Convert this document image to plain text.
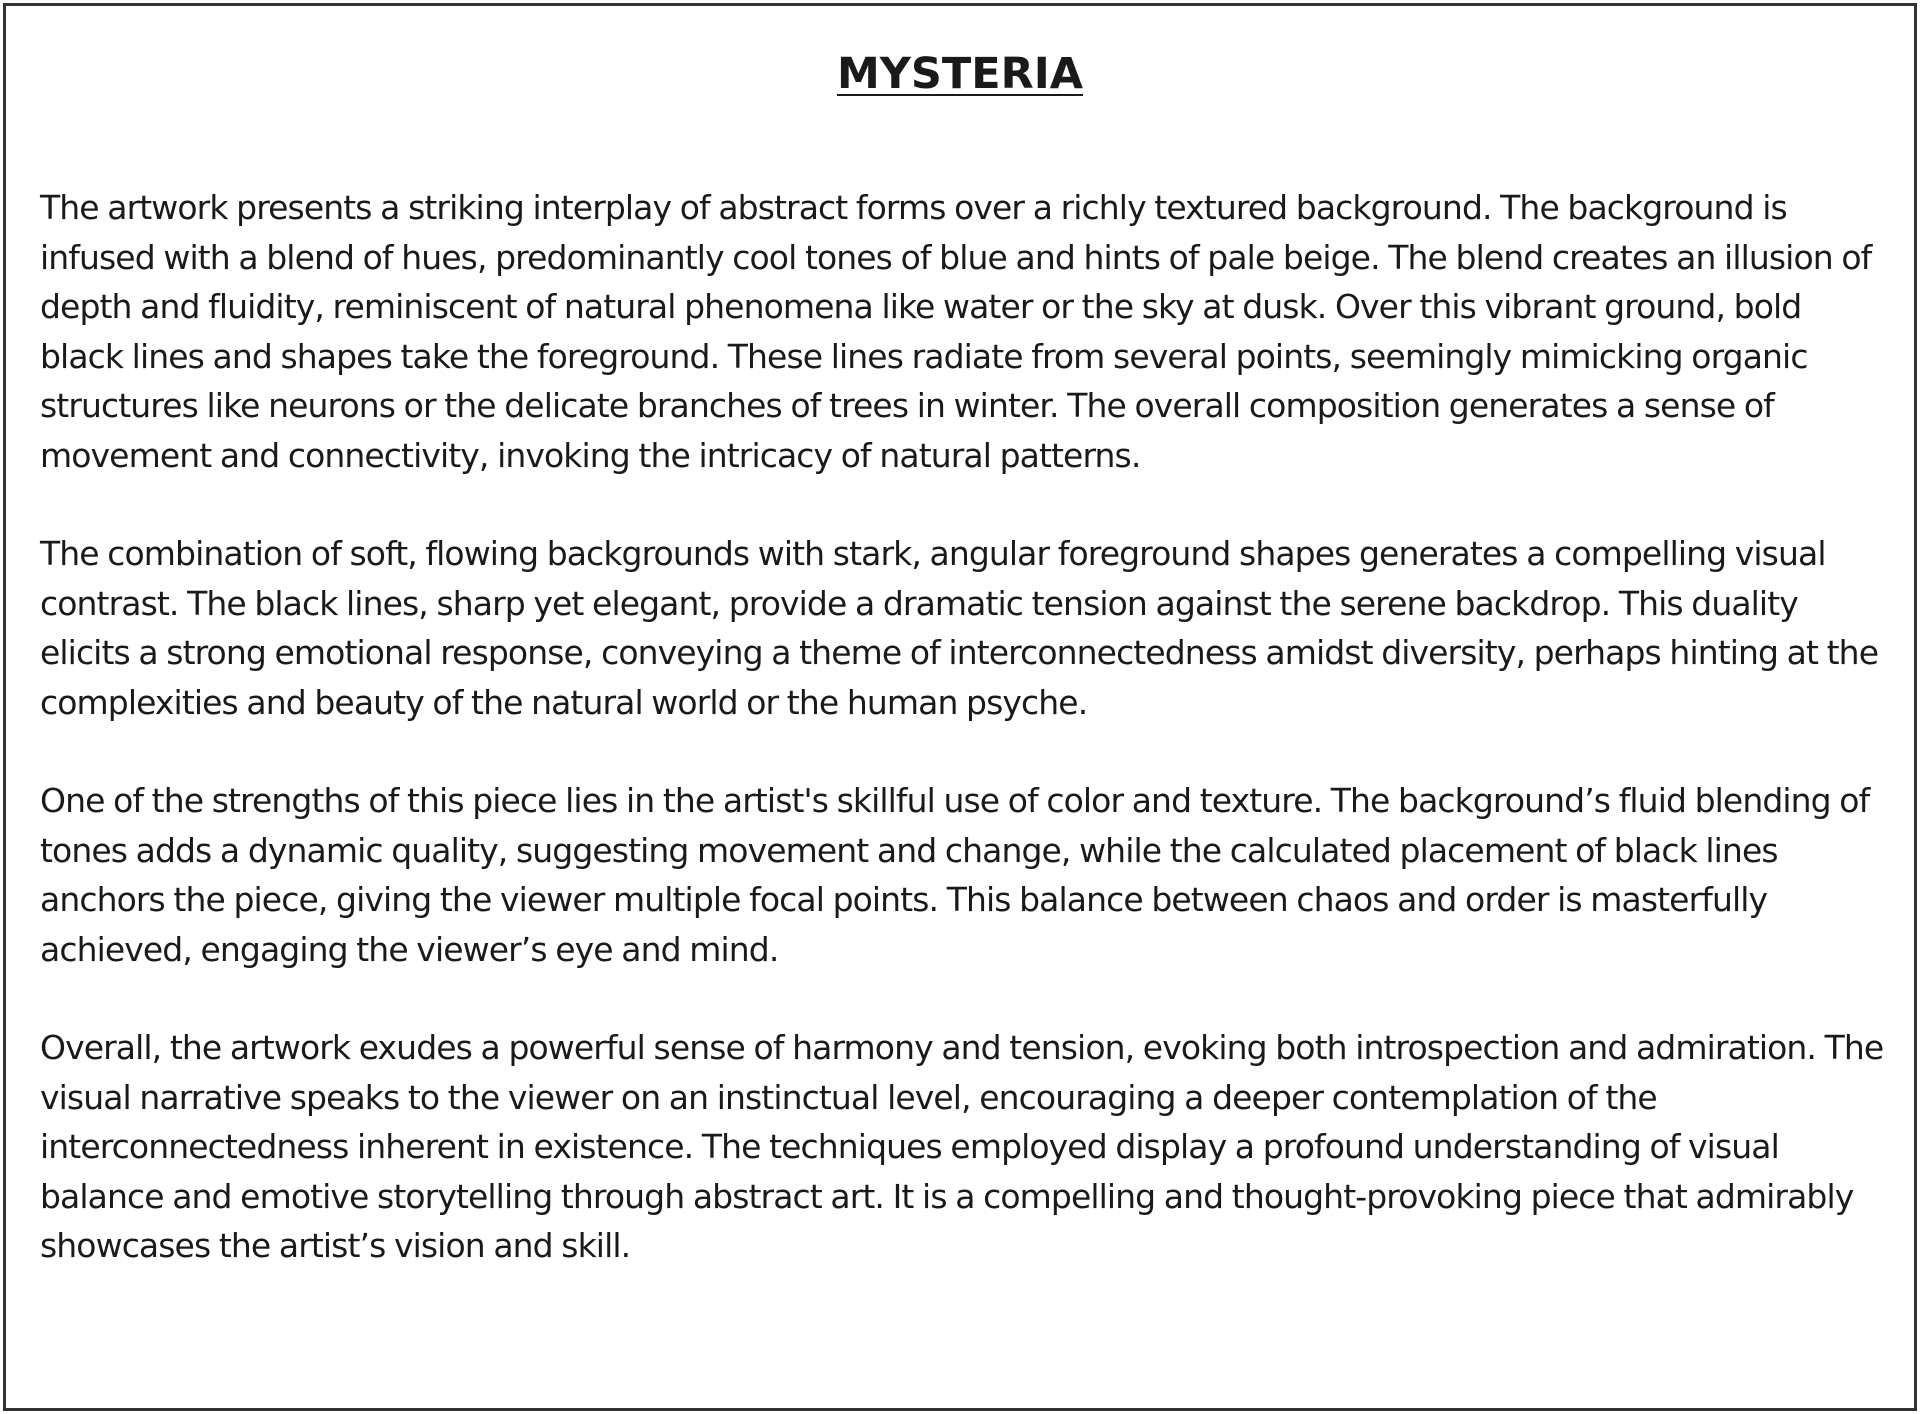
MYSTERIA

The artwork presents a striking interplay of abstract forms over a richly textured background. The background is infused with a blend of hues, predominantly cool tones of blue and hints of pale beige. The blend creates an illusion of depth and fluidity, reminiscent of natural phenomena like water or the sky at dusk. Over this vibrant ground, bold black lines and shapes take the foreground. These lines radiate from several points, seemingly mimicking organic structures like neurons or the delicate branches of trees in winter. The overall composition generates a sense of movement and connectivity, invoking the intricacy of natural patterns.

The combination of soft, flowing backgrounds with stark, angular foreground shapes generates a compelling visual contrast. The black lines, sharp yet elegant, provide a dramatic tension against the serene backdrop. This duality elicits a strong emotional response, conveying a theme of interconnectedness amidst diversity, perhaps hinting at the complexities and beauty of the natural world or the human psyche.

One of the strengths of this piece lies in the artist's skillful use of color and texture. The background’s fluid blending of tones adds a dynamic quality, suggesting movement and change, while the calculated placement of black lines anchors the piece, giving the viewer multiple focal points. This balance between chaos and order is masterfully achieved, engaging the viewer’s eye and mind.

Overall, the artwork exudes a powerful sense of harmony and tension, evoking both introspection and admiration. The visual narrative speaks to the viewer on an instinctual level, encouraging a deeper contemplation of the interconnectedness inherent in existence. The techniques employed display a profound understanding of visual balance and emotive storytelling through abstract art. It is a compelling and thought-provoking piece that admirably showcases the artist’s vision and skill.
